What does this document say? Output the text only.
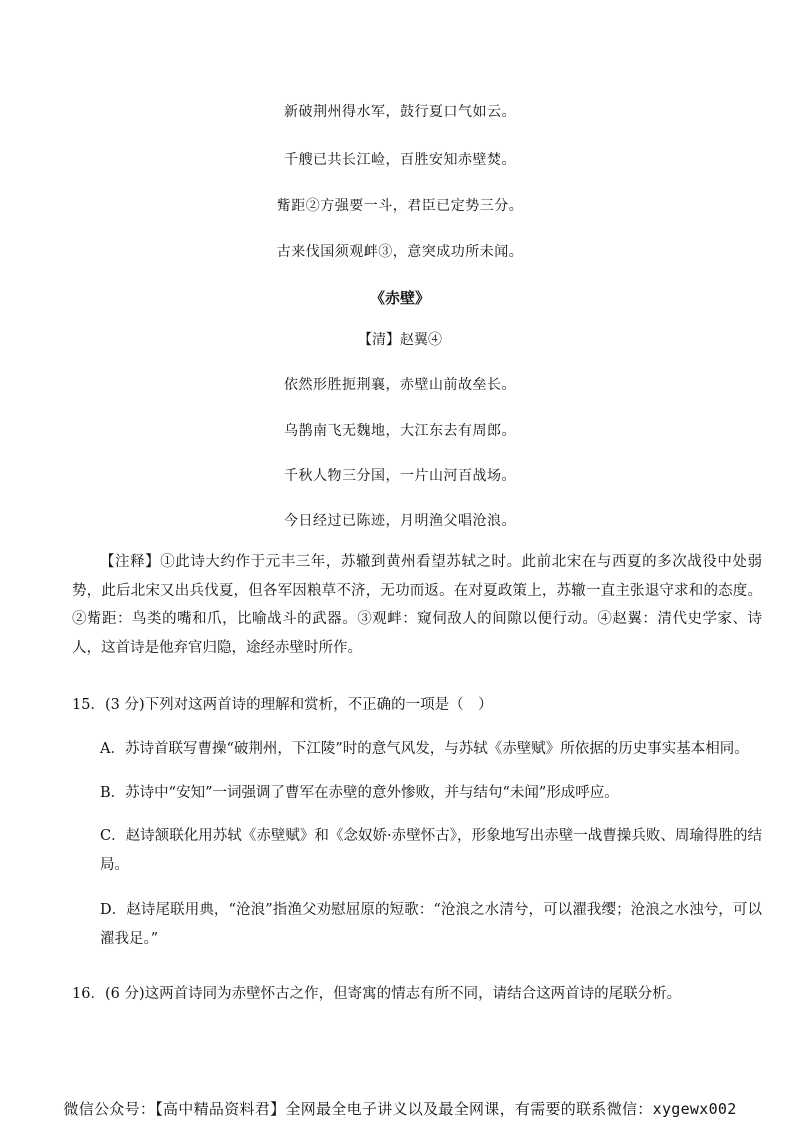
新破荆州得水军，鼓行夏口气如云。
千艘已共长江崄，百胜安知赤壁焚。
觜距②方强要一斗，君臣已定势三分。
古来伐国须观衅③，意突成功所未闻。
《赤壁》
【清】赵翼④
依然形胜扼荆襄，赤壁山前故垒长。
乌鹊南飞无魏地，大江东去有周郎。
千秋人物三分国，一片山河百战场。
今日经过已陈迹，月明渔父唱沧浪。
【注释】①此诗大约作于元丰三年，苏辙到黄州看望苏轼之时。此前北宋在与西夏的多次战役中处弱势，此后北宋又出兵伐夏，但各军因粮草不济，无功而返。在对夏政策上，苏辙一直主张退守求和的态度。②觜距：鸟类的嘴和爪，比喻战斗的武器。③观衅：窥伺敌人的间隙以便行动。④赵翼：清代史学家、诗人，这首诗是他弃官归隐，途经赤壁时所作。
15．(3 分)下列对这两首诗的理解和赏析，不正确的一项是（　）
A．苏诗首联写曹操“破荆州，下江陵”时的意气风发，与苏轼《赤壁赋》所依据的历史事实基本相同。
B．苏诗中“安知”一词强调了曹军在赤壁的意外惨败，并与结句“未闻”形成呼应。
C．赵诗颔联化用苏轼《赤壁赋》和《念奴娇·赤壁怀古》，形象地写出赤壁一战曹操兵败、周瑜得胜的结局。
D．赵诗尾联用典，“沧浪”指渔父劝慰屈原的短歌：“沧浪之水清兮，可以濯我缨；沧浪之水浊兮，可以濯我足。”
16．(6 分)这两首诗同为赤壁怀古之作，但寄寓的情志有所不同，请结合这两首诗的尾联分析。
微信公众号：【高中精品资料君】全网最全电子讲义以及最全网课，有需要的联系微信：xygewx002
